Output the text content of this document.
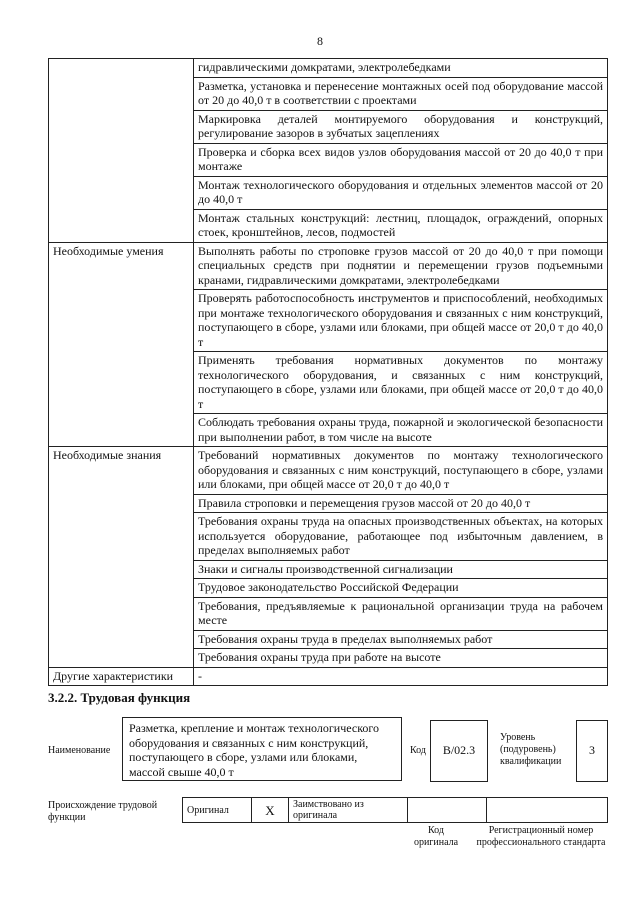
8
	гидравлическими домкратами, электролебедками
	Разметка, установка и перенесение монтажных осей под оборудование массой от 20 до 40,0 т в соответствии с проектами
	Маркировка деталей монтируемого оборудования и конструкций, регулирование зазоров в зубчатых зацеплениях
	Проверка и сборка всех видов узлов оборудования массой от 20 до 40,0 т при монтаже
	Монтаж технологического оборудования и отдельных элементов массой от 20 до 40,0 т
	Монтаж стальных конструкций: лестниц, площадок, ограждений, опорных стоек, кронштейнов, лесов, подмостей
Необходимые умения	Выполнять работы по строповке грузов массой от 20 до 40,0 т при помощи специальных средств при поднятии и перемещении грузов подъемными кранами, гидравлическими домкратами, электролебедками
	Проверять работоспособность инструментов и приспособлений, необходимых при монтаже технологического оборудования и связанных с ним конструкций, поступающего в сборе, узлами или блоками, при общей массе от 20,0 т до 40,0 т
	Применять требования нормативных документов по монтажу технологического оборудования, и связанных с ним конструкций, поступающего в сборе, узлами или блоками, при общей массе от 20,0 т до 40,0 т
	Соблюдать требования охраны труда, пожарной и экологической безопасности при выполнении работ, в том числе на высоте
Необходимые знания	Требований нормативных документов по монтажу технологического оборудования и связанных с ним конструкций, поступающего в сборе, узлами или блоками, при общей массе от 20,0 т до 40,0 т
	Правила строповки и перемещения грузов массой от 20 до 40,0 т
	Требования охраны труда на опасных производственных объектах, на которых используется оборудование, работающее под избыточным давлением, в пределах выполняемых работ
	Знаки и сигналы производственной сигнализации
	Трудовое законодательство Российской Федерации
	Требования, предъявляемые к рациональной организации труда на рабочем месте
	Требования охраны труда в пределах выполняемых работ
	Требования охраны труда при работе на высоте
Другие характеристики	-
3.2.2. Трудовая функция
Наименование
Разметка, крепление и монтаж технологического оборудования и связанных с ним конструкций, поступающего в сборе, узлами или блоками, массой свыше 40,0 т
Код	В/02.3
Уровень (подуровень) квалификации
3
Происхождение трудовой функции
Оригинал	X	Заимствовано из оригинала		
Код оригинала
Регистрационный номер профессионального стандарта
